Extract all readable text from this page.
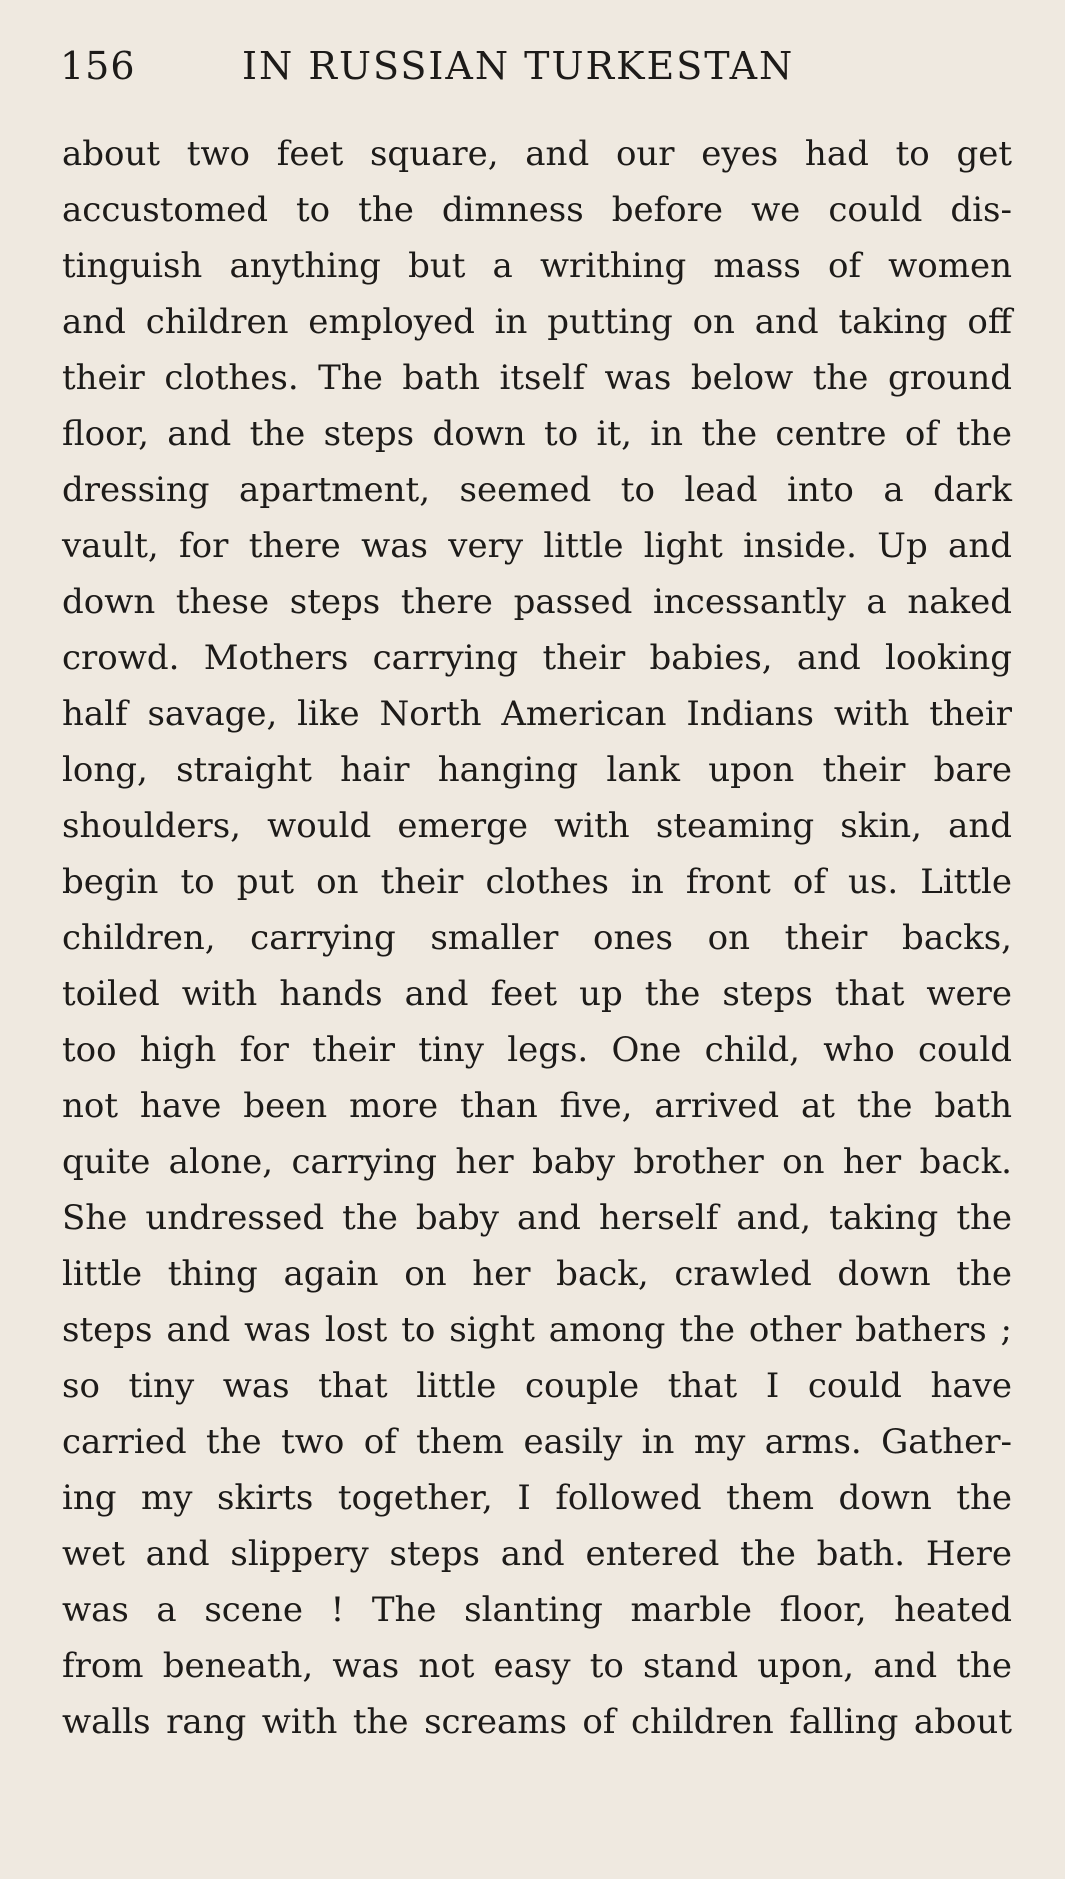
156	IN RUSSIAN TURKESTAN
about two feet square, and our eyes had to get
accustomed to the dimness before we could dis-
tinguish anything but a writhing mass of women
and children employed in putting on and taking off
their clothes. The bath itself was below the ground
floor, and the steps down to it, in the centre of the
dressing apartment, seemed to lead into a dark
vault, for there was very little light inside. Up and
down these steps there passed incessantly a naked
crowd. Mothers carrying their babies, and looking
half savage, like North American Indians with their
long, straight hair hanging lank upon their bare
shoulders, would emerge with steaming skin, and
begin to put on their clothes in front of us. Little
children, carrying smaller ones on their backs,
toiled with hands and feet up the steps that were
too high for their tiny legs. One child, who could
not have been more than five, arrived at the bath
quite alone, carrying her baby brother on her back.
She undressed the baby and herself and, taking the
little thing again on her back, crawled down the
steps and was lost to sight among the other bathers ;
so tiny was that little couple that I could have
carried the two of them easily in my arms. Gather-
ing my skirts together, I followed them down the
wet and slippery steps and entered the bath. Here
was a scene ! The slanting marble floor, heated
from beneath, was not easy to stand upon, and the
walls rang with the screams of children falling about
